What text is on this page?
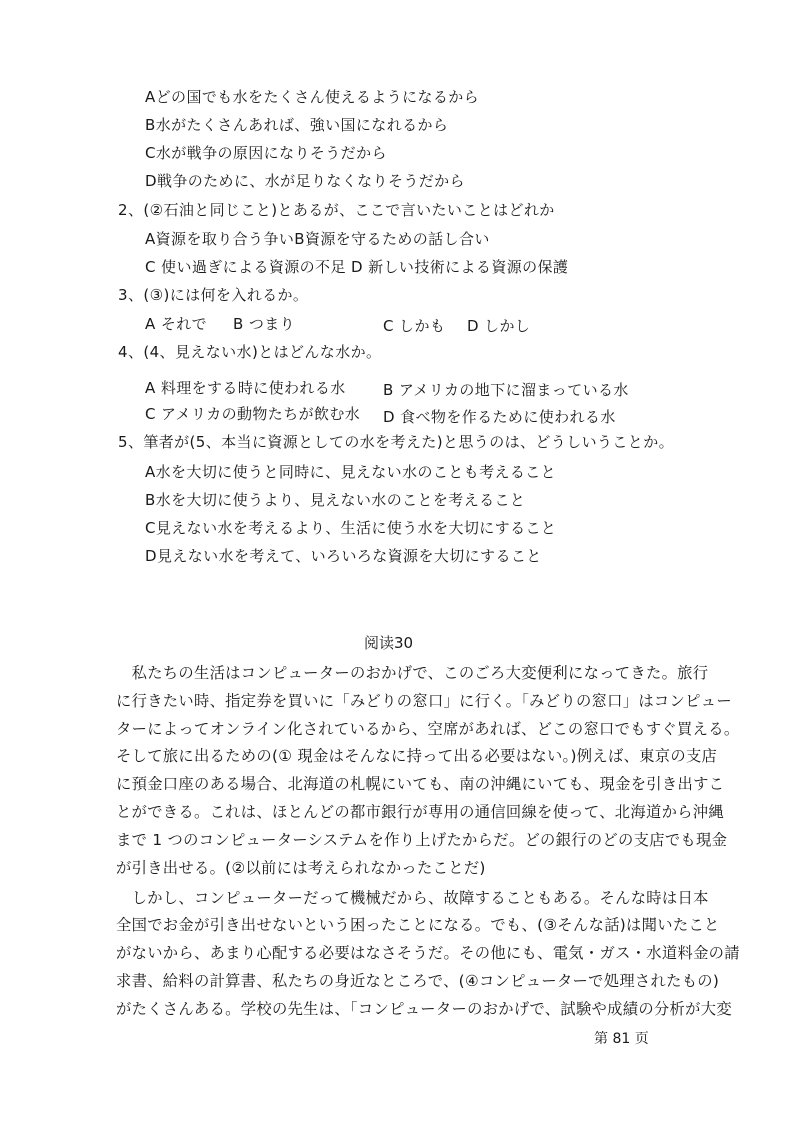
Aどの国でも水をたくさん使えるようになるから
B水がたくさんあれば、強い国になれるから
C水が戦争の原因になりそうだから
D戦争のために、水が足りなくなりそうだから
2、(②石油と同じこと)とあるが、ここで言いたいことはどれか
A資源を取り合う争いB資源を守るための話し合い
C 使い過ぎによる資源の不足 D 新しい技術による資源の保護
3、(③)には何を入れるか。
A それで B つまり	C しかも D しかし
4、(4、見えない水)とはどんな水か。
A 料理をする時に使われる水 B アメリカの地下に溜まっている水
C アメリカの動物たちが飲む水 D 食べ物を作るために使われる水
5、筆者が(5、本当に資源としての水を考えた)と思うのは、どうしいうことか。
A水を大切に使うと同時に、見えない水のことも考えること
B水を大切に使うより、見えない水のことを考えること
C見えない水を考えるより、生活に使う水を大切にすること
D見えない水を考えて、いろいろな資源を大切にすること
阅读30
　私たちの生活はコンピューターのおかげで、このごろ大変便利になってきた。旅行
に行きたい時、指定券を買いに「みどりの窓口」に行く。「みどりの窓口」はコンピュー
ターによってオンライン化されているから、空席があれば、どこの窓口でもすぐ買える。
そして旅に出るための(① 現金はそんなに持って出る必要はない。)例えば、東京の支店
に預金口座のある場合、北海道の札幌にいても、南の沖縄にいても、現金を引き出すこ
とができる。これは、ほとんどの都市銀行が専用の通信回線を使って、北海道から沖縄
まで 1 つのコンピューターシステムを作り上げたからだ。どの銀行のどの支店でも現金
が引き出せる。(②以前には考えられなかったことだ)
　しかし、コンピューターだって機械だから、故障することもある。そんな時は日本
全国でお金が引き出せないという困ったことになる。でも、(③そんな話)は聞いたこと
がないから、あまり心配する必要はなさそうだ。その他にも、電気・ガス・水道料金の請
求書、給料の計算書、私たちの身近なところで、(④コンピューターで処理されたもの)
がたくさんある。学校の先生は、「コンピューターのおかげで、試験や成績の分析が大変
第 81 页
